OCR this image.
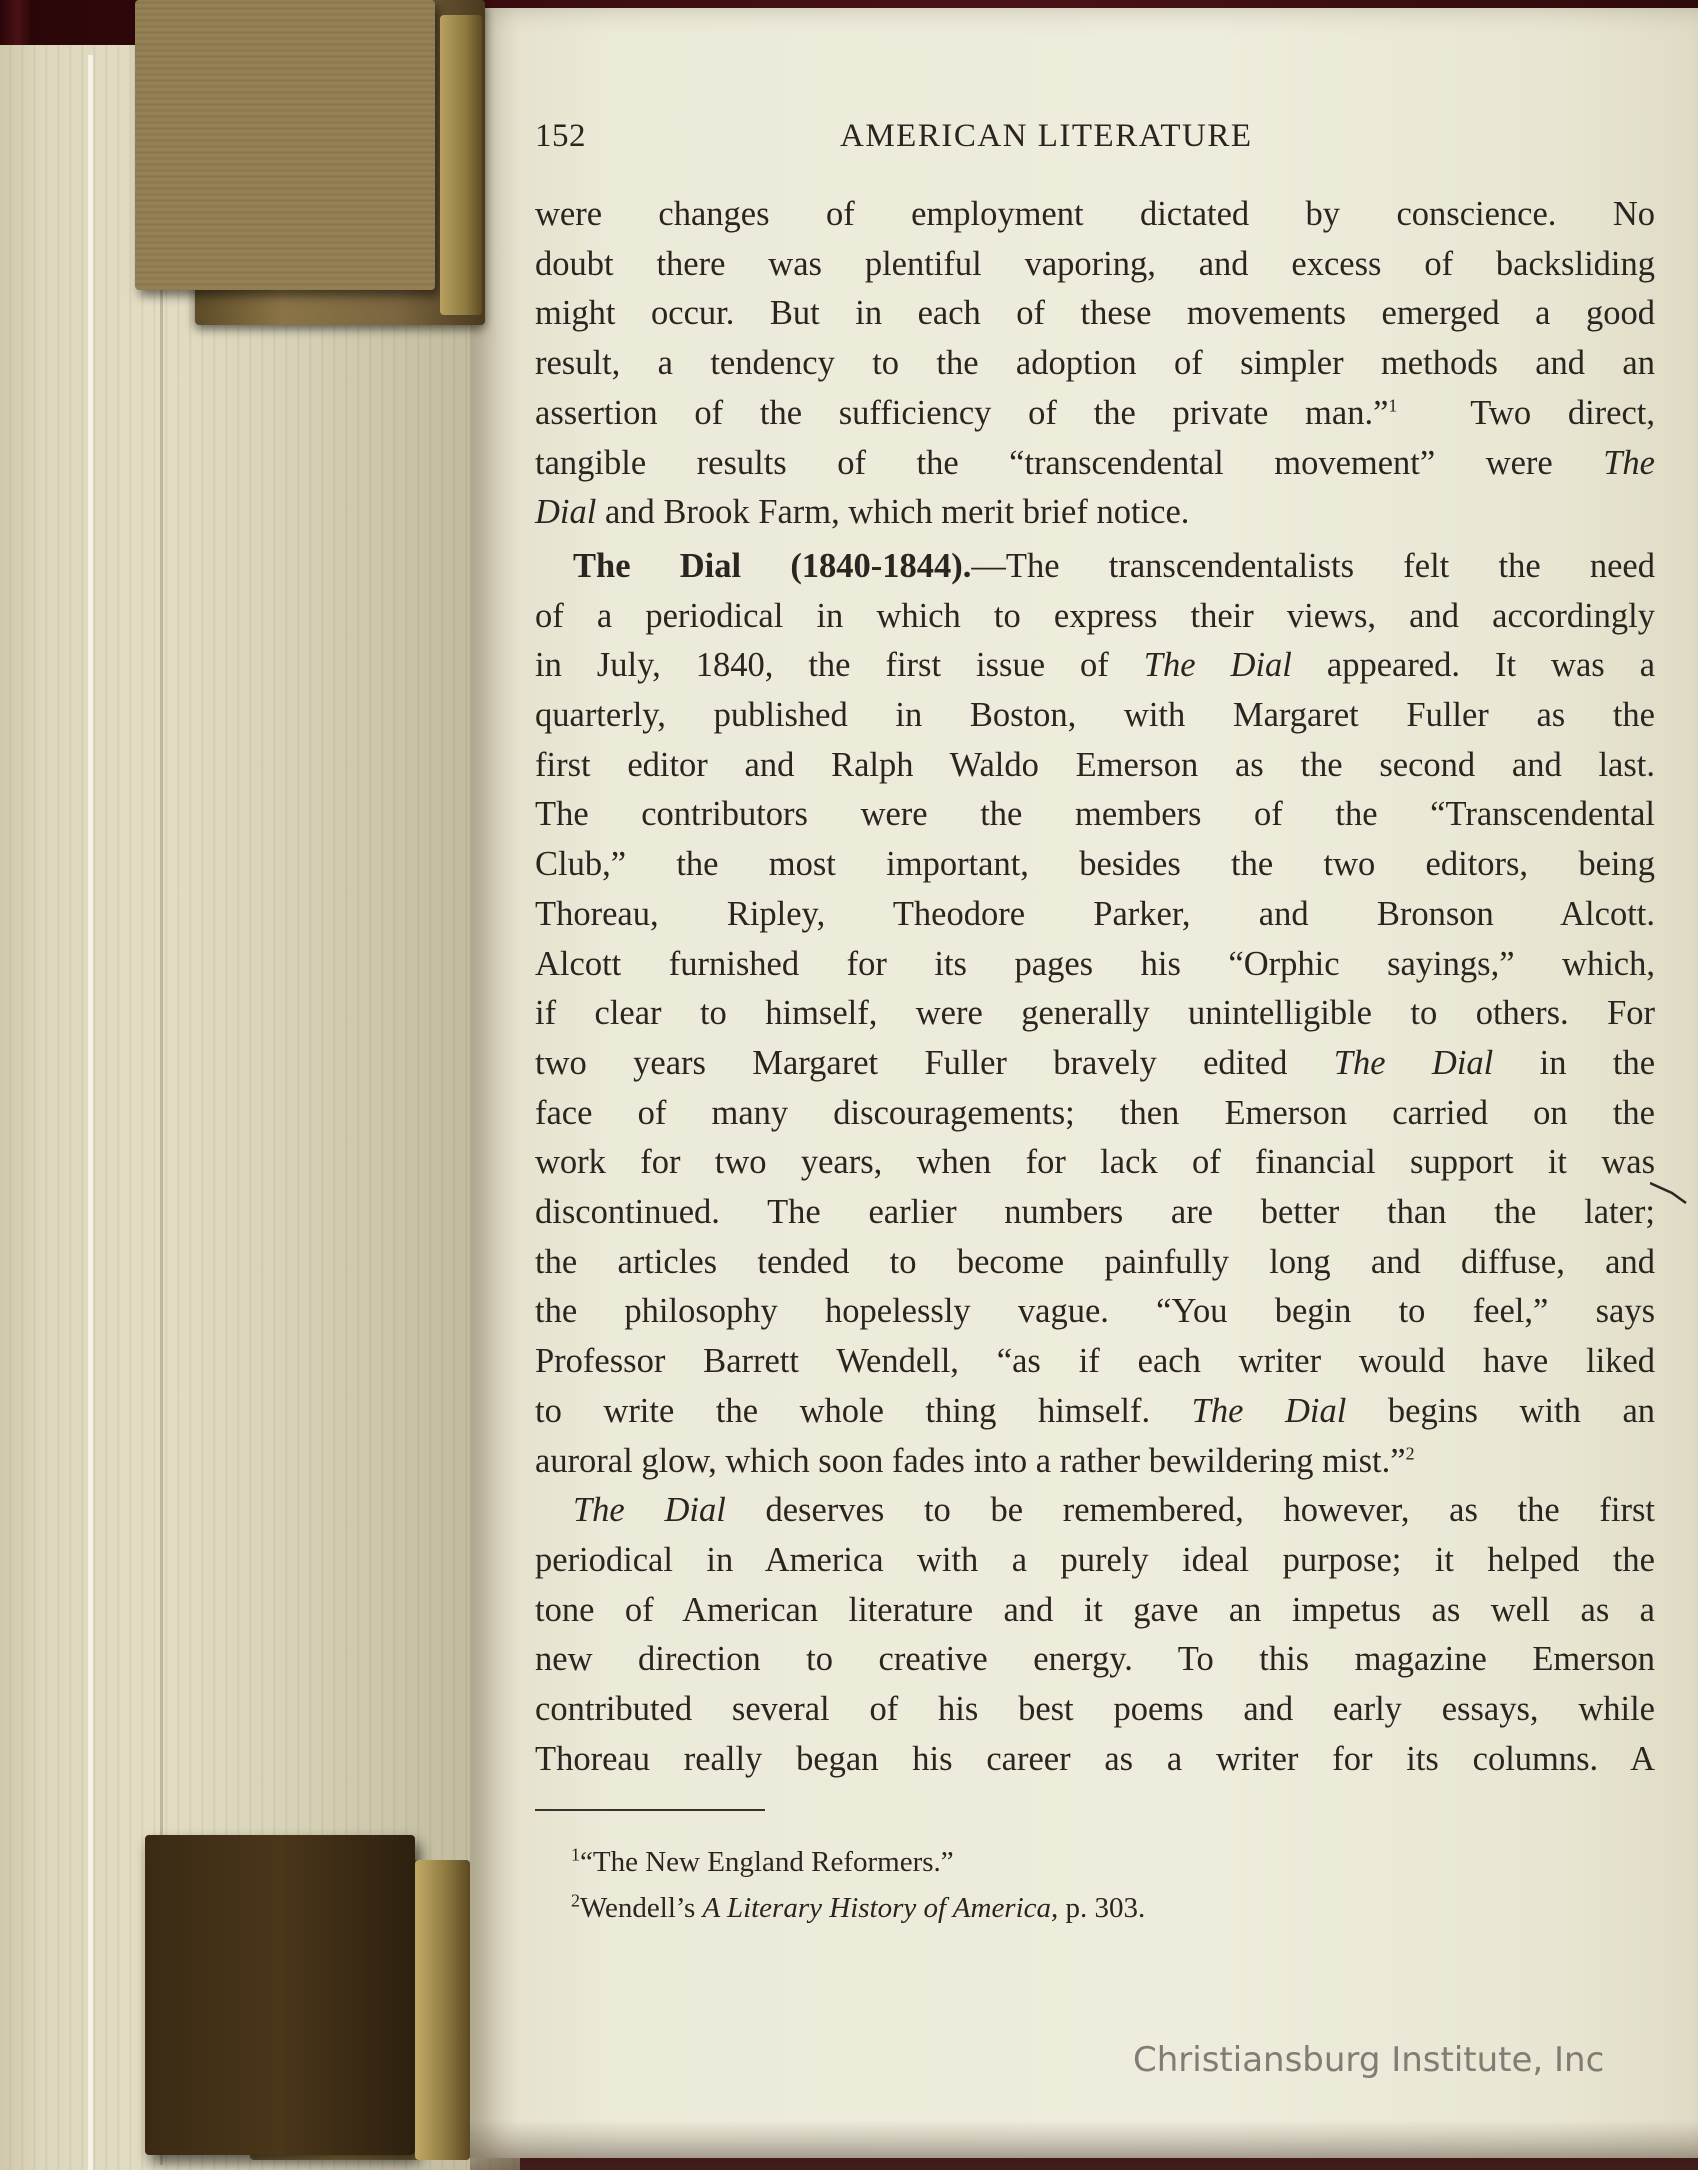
152	AMERICAN LITERATURE

were changes of employment dictated by conscience. No
doubt there was plentiful vaporing, and excess of backsliding
might occur. But in each of these movements emerged a good
result, a tendency to the adoption of simpler methods and an
assertion of the sufficiency of the private man.”$^1$ Two direct,
tangible results of the “transcendental movement” were The
Dial and Brook Farm, which merit brief notice.

The Dial (1840-1844).—The transcendentalists felt the need
of a periodical in which to express their views, and accordingly
in July, 1840, the first issue of The Dial appeared. It was a
quarterly, published in Boston, with Margaret Fuller as the
first editor and Ralph Waldo Emerson as the second and last.
The contributors were the members of the “Transcendental
Club,” the most important, besides the two editors, being
Thoreau, Ripley, Theodore Parker, and Bronson Alcott.
Alcott furnished for its pages his “Orphic sayings,” which,
if clear to himself, were generally unintelligible to others. For
two years Margaret Fuller bravely edited The Dial in the
face of many discouragements; then Emerson carried on the
work for two years, when for lack of financial support it was
discontinued. The earlier numbers are better than the later;
the articles tended to become painfully long and diffuse, and
the philosophy hopelessly vague. “You begin to feel,” says
Professor Barrett Wendell, “as if each writer would have liked
to write the whole thing himself. The Dial begins with an
auroral glow, which soon fades into a rather bewildering mist.”$^2$

The Dial deserves to be remembered, however, as the first
periodical in America with a purely ideal purpose; it helped the
tone of American literature and it gave an impetus as well as a
new direction to creative energy. To this magazine Emerson
contributed several of his best poems and early essays, while
Thoreau really began his career as a writer for its columns. A

$^1$“The New England Reformers.”

$^2$Wendell’s A Literary History of America, p. 303.

Christiansburg Institute, Inc
